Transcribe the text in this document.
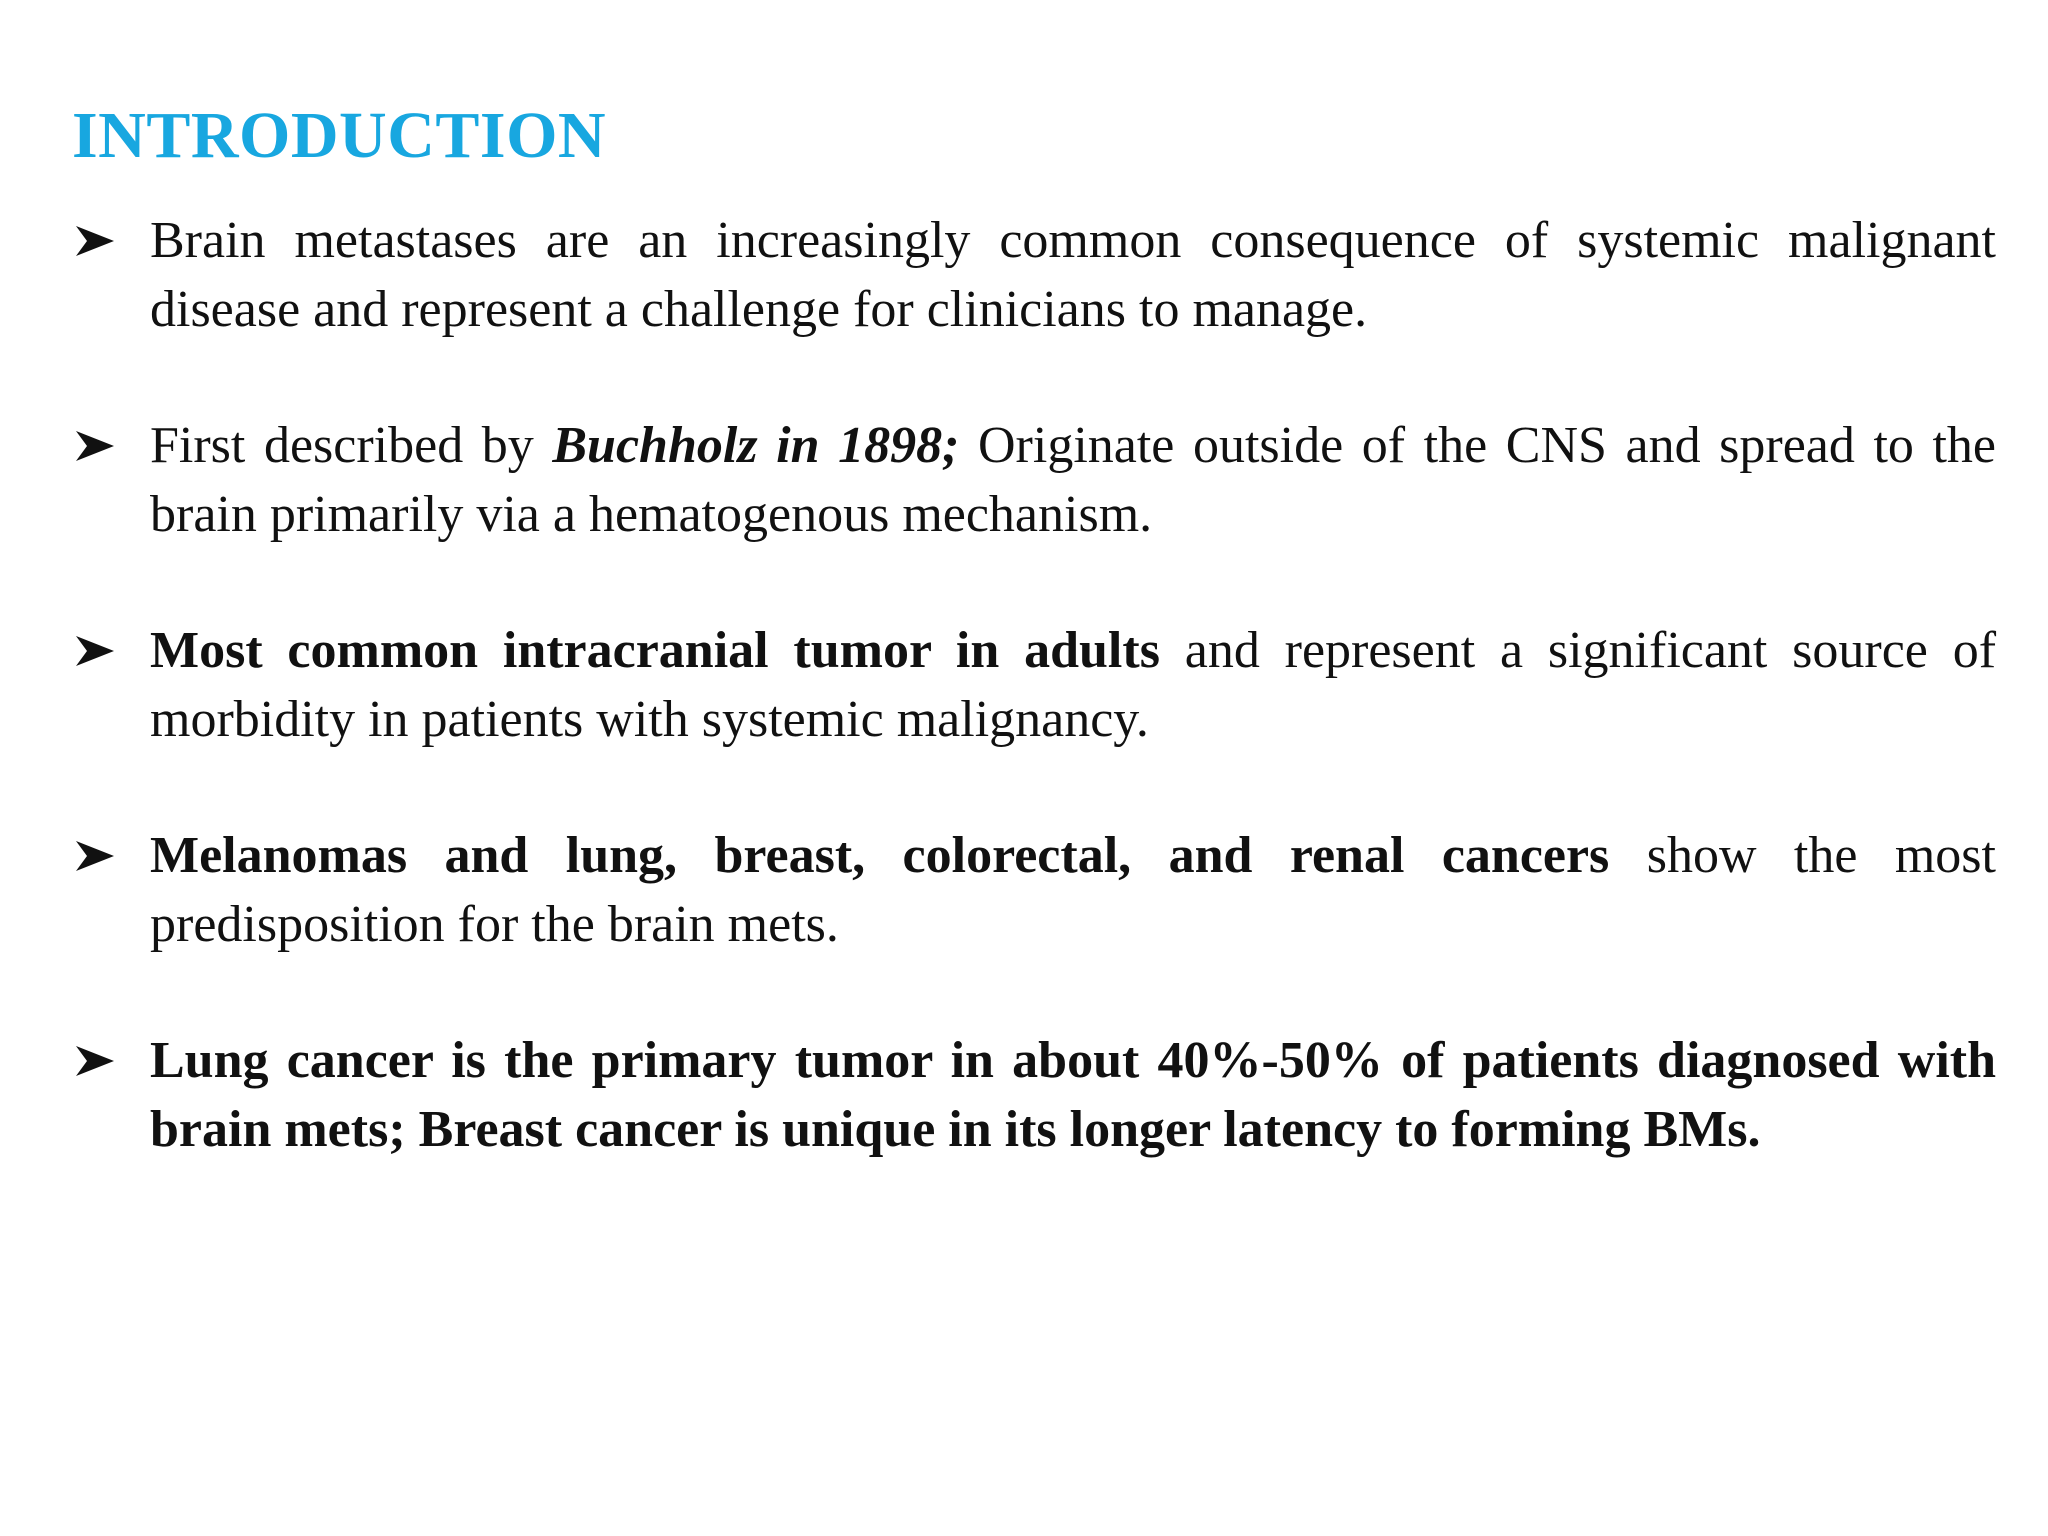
INTRODUCTION
Brain metastases are an increasingly common consequence of systemic malignant disease and represent a challenge for clinicians to manage.
First described by Buchholz in 1898; Originate outside of the CNS and spread to the brain primarily via a hematogenous mechanism.
Most common intracranial tumor in adults and represent a significant source of morbidity in patients with systemic malignancy.
Melanomas and lung, breast, colorectal, and renal cancers show the most predisposition for the brain mets.
Lung cancer is the primary tumor in about 40%-50% of patients diagnosed with brain mets; Breast cancer is unique in its longer latency to forming BMs.
